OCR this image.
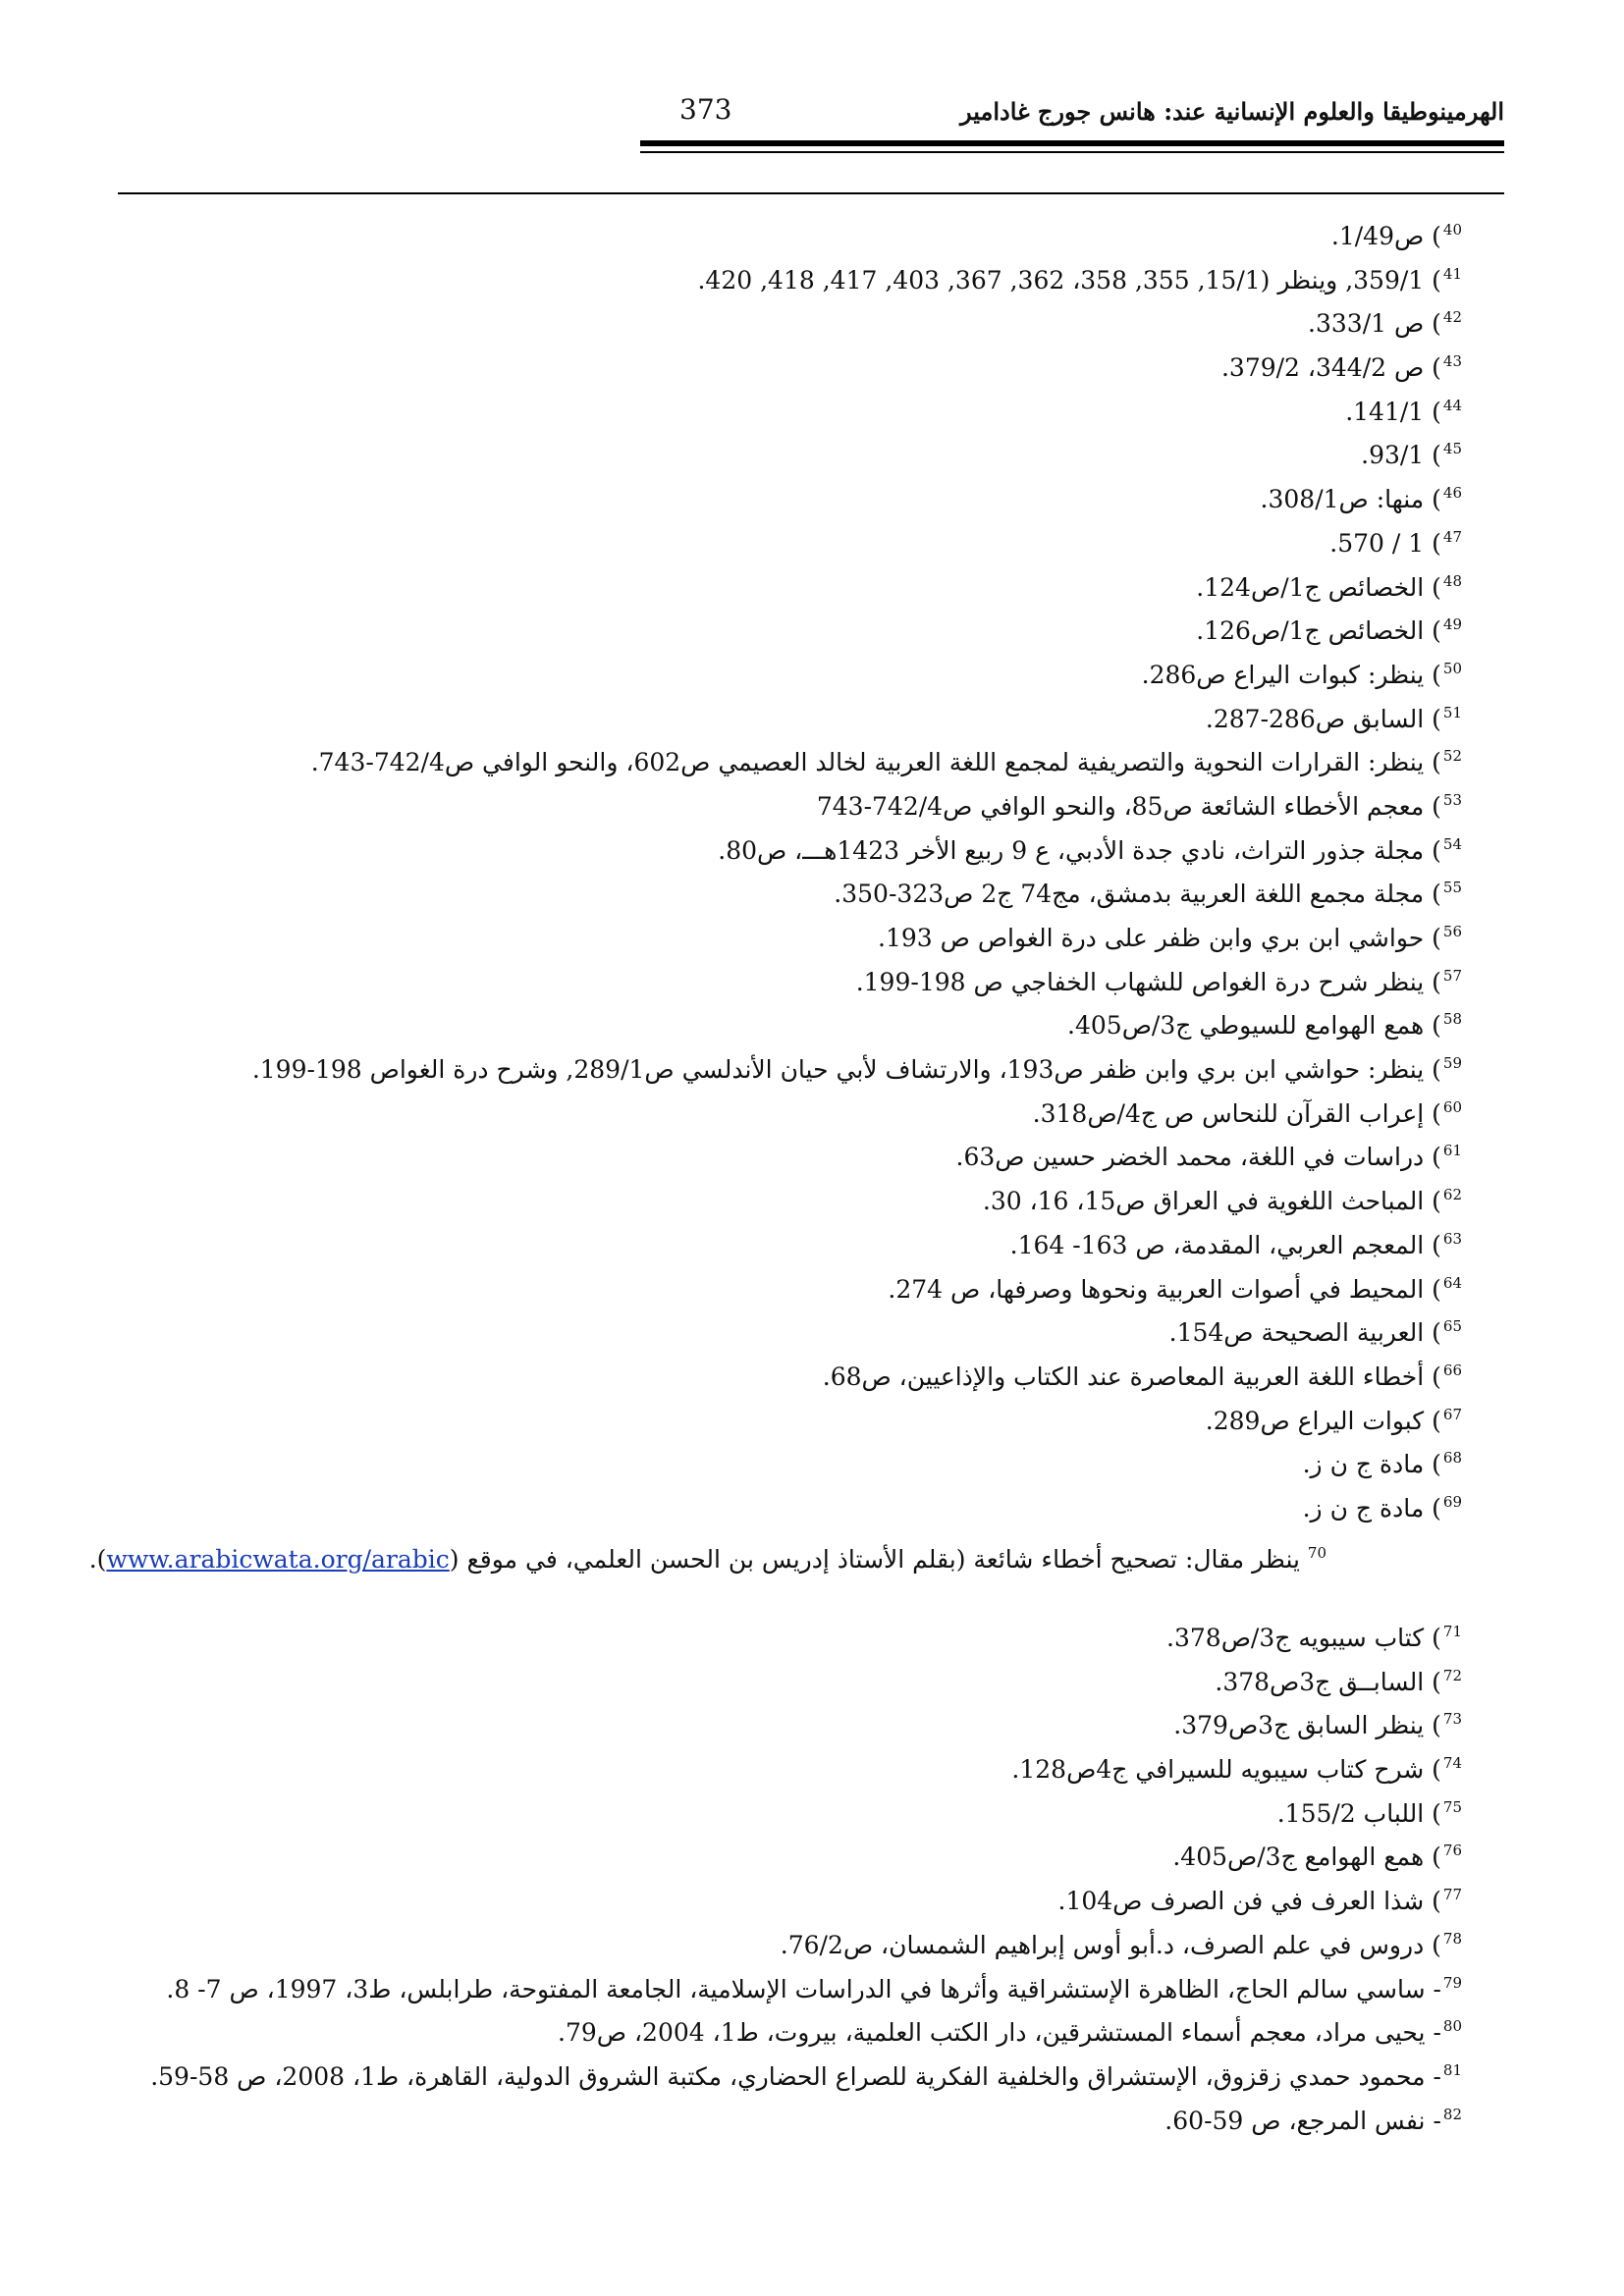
الهرمينوطيقا والعلوم الإنسانية عند: هانس جورج غادامير
373
$^{40}$) ص1/49.
$^{41}$) 359/1, وينظر (15/1, 355, 358، 362, 367, 403, 417, 418, 420.
$^{42}$) ص 333/1.
$^{43}$) ص 344/2، 379/2.
$^{44}$) 141/1.
$^{45}$) 93/1.
$^{46}$) منها: ص308/1.
$^{47}$) 1 / 570.
$^{48}$) الخصائص ج1/ص124.
$^{49}$) الخصائص ج1/ص126.
$^{50}$) ينظر: كبوات اليراع ص286.
$^{51}$) السابق ص286-287.
$^{52}$) ينظر: القرارات النحوية والتصريفية لمجمع اللغة العربية لخالد العصيمي ص602، والنحو الوافي ص742/4-743.
$^{53}$) معجم الأخطاء الشائعة ص85، والنحو الوافي ص742/4-743
$^{54}$) مجلة جذور التراث، نادي جدة الأدبي، ع 9 ربيع الأخر 1423هـــ، ص80.
$^{55}$) مجلة مجمع اللغة العربية بدمشق، مج74 ج2 ص323-350.
$^{56}$) حواشي ابن بري وابن ظفر على درة الغواص ص 193.
$^{57}$) ينظر شرح درة الغواص للشهاب الخفاجي ص 198-199.
$^{58}$) همع الهوامع للسيوطي ج3/ص405.
$^{59}$) ينظر: حواشي ابن بري وابن ظفر ص193، والارتشاف لأبي حيان الأندلسي ص289/1, وشرح درة الغواص 198-199.
$^{60}$) إعراب القرآن للنحاس ص ج4/ص318.
$^{61}$) دراسات في اللغة، محمد الخضر حسين ص63.
$^{62}$) المباحث اللغوية في العراق ص15، 16، 30.
$^{63}$) المعجم العربي، المقدمة، ص 163- 164.
$^{64}$) المحيط في أصوات العربية ونحوها وصرفها، ص 274.
$^{65}$) العربية الصحيحة ص154.
$^{66}$) أخطاء اللغة العربية المعاصرة عند الكتاب والإذاعيين، ص68.
$^{67}$) كبوات اليراع ص289.
$^{68}$) مادة ج ن ز.
$^{69}$) مادة ج ن ز.
$^{70}$ ينظر مقال: تصحيح أخطاء شائعة (بقلم الأستاذ إدريس بن الحسن العلمي، في موقع (www.arabicwata.org/arabic).
$^{71}$) كتاب سيبويه ج3/ص378.
$^{72}$) السابــق ج3ص378.
$^{73}$) ينظر السابق ج3ص379.
$^{74}$) شرح كتاب سيبويه للسيرافي ج4ص128.
$^{75}$) اللباب 155/2.
$^{76}$) همع الهوامع ج3/ص405.
$^{77}$) شذا العرف في فن الصرف ص104.
$^{78}$) دروس في علم الصرف، د.أبو أوس إبراهيم الشمسان، ص76/2.
$^{79}$- ساسي سالم الحاج، الظاهرة الإستشراقية وأثرها في الدراسات الإسلامية، الجامعة المفتوحة، طرابلس، ط3، 1997، ص 7- 8.
$^{80}$- يحيى مراد، معجم أسماء المستشرقين، دار الكتب العلمية، بيروت، ط1، 2004، ص79.
$^{81}$- محمود حمدي زقزوق، الإستشراق والخلفية الفكرية للصراع الحضاري، مكتبة الشروق الدولية، القاهرة، ط1، 2008، ص 58-59.
$^{82}$- نفس المرجع، ص 59-60.
